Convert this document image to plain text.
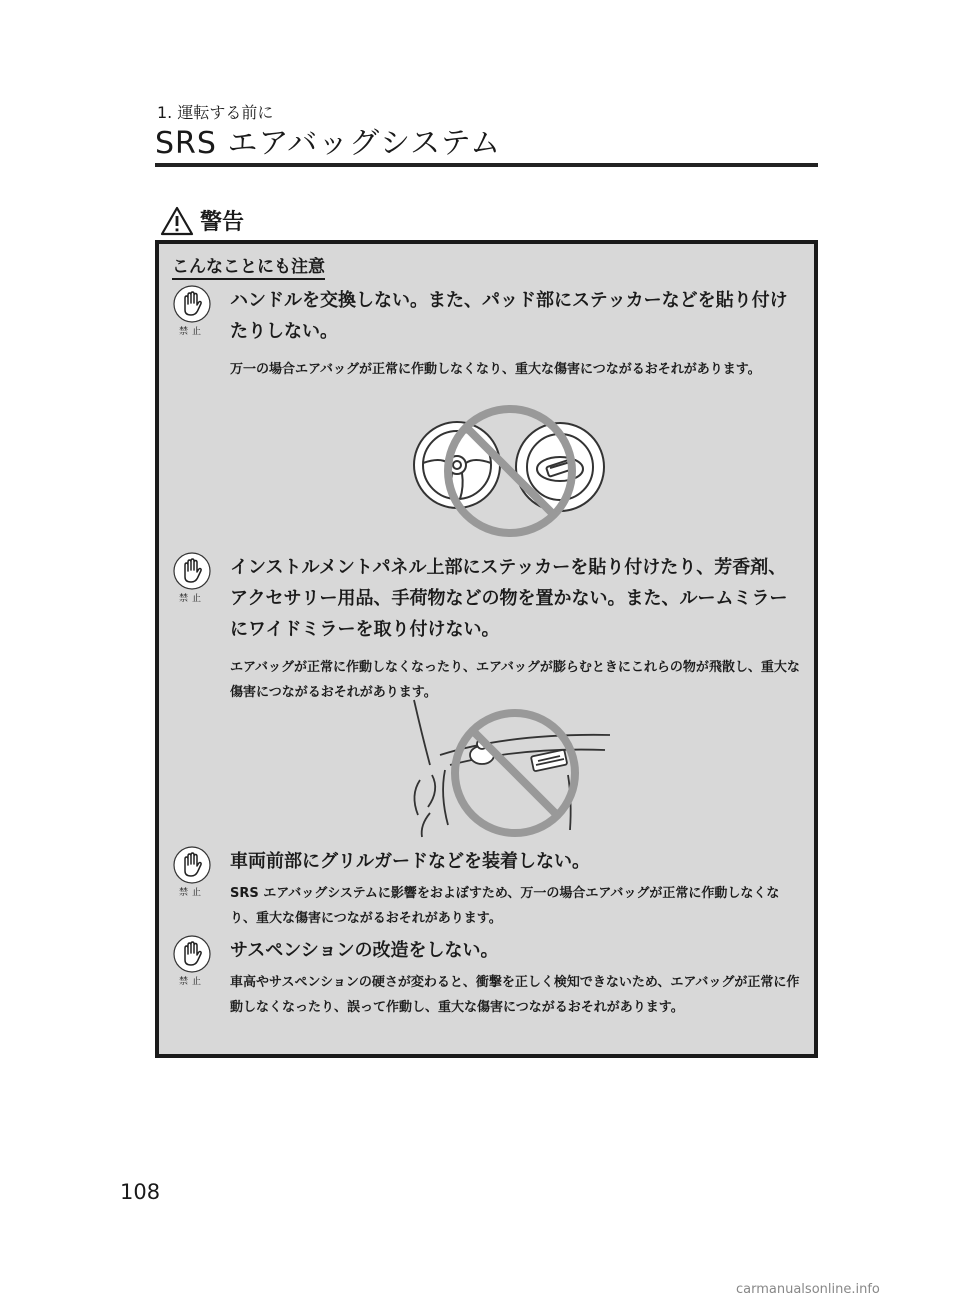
1. 運転する前に
SRS エアバッグシステム
警告
こんなことにも注意
禁止
ハンドルを交換しない。また、パッド部にステッカーなどを貼り付けたりしない。
万一の場合エアバッグが正常に作動しなくなり、重大な傷害につながるおそれがあります。
禁止
インストルメントパネル上部にステッカーを貼り付けたり、芳香剤、アクセサリー用品、手荷物などの物を置かない。また、ルームミラーにワイドミラーを取り付けない。
エアバッグが正常に作動しなくなったり、エアバッグが膨らむときにこれらの物が飛散し、重大な傷害につながるおそれがあります。
禁止
車両前部にグリルガードなどを装着しない。
SRS エアバッグシステムに影響をおよぼすため、万一の場合エアバッグが正常に作動しなくなり、重大な傷害につながるおそれがあります。
禁止
サスペンションの改造をしない。
車高やサスペンションの硬さが変わると、衝撃を正しく検知できないため、エアバッグが正常に作動しなくなったり、誤って作動し、重大な傷害につながるおそれがあります。
108
carmanualsonline.info
